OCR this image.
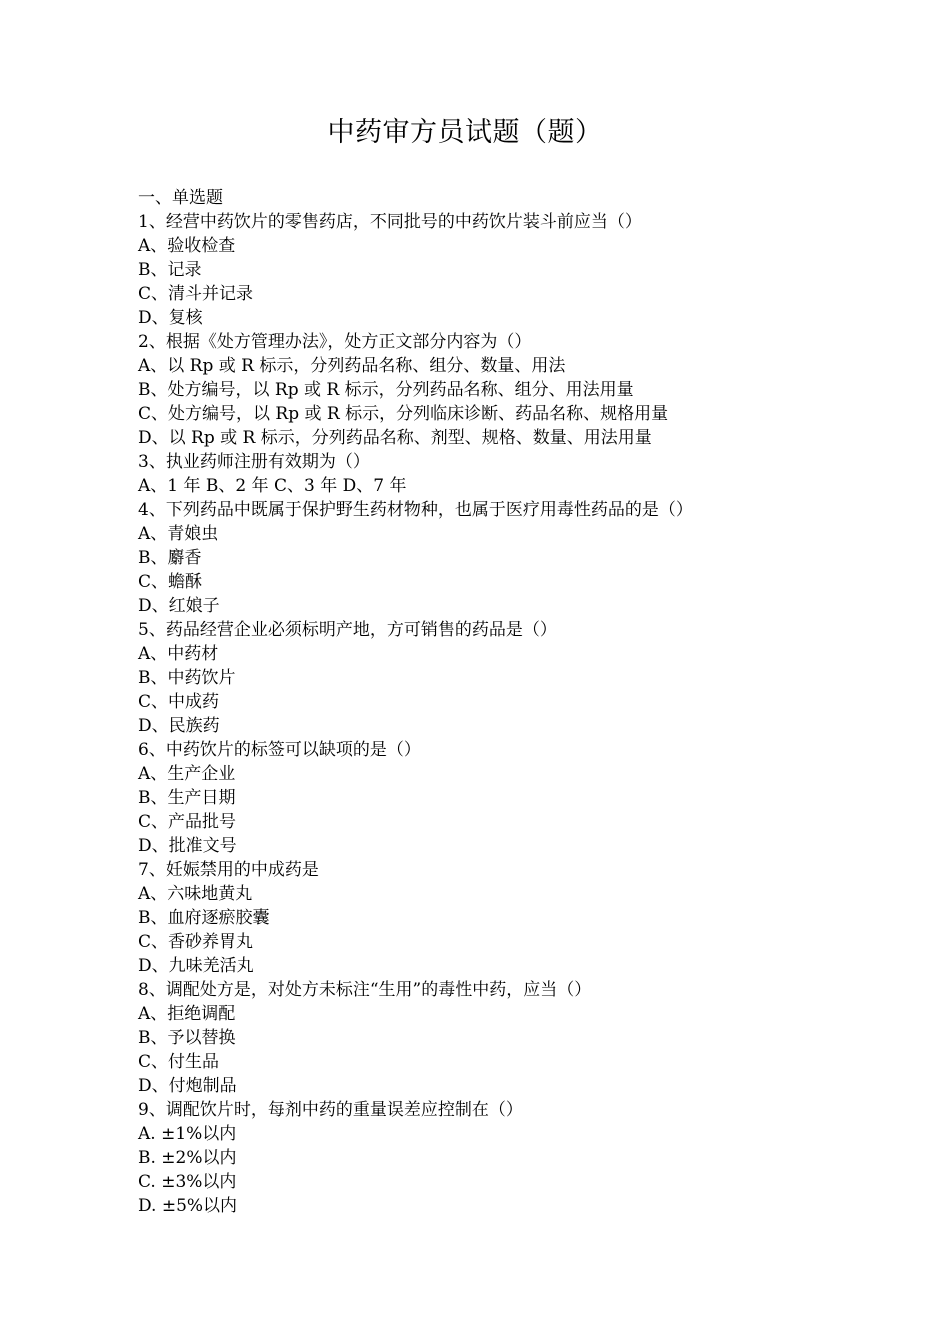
中药审方员试题（题）
一、单选题
1、经营中药饮片的零售药店，不同批号的中药饮片装斗前应当（）
A、验收检查
B、记录
C、清斗并记录
D、复核
2、根据《处方管理办法》，处方正文部分内容为（）
A、以 Rp 或 R 标示，分列药品名称、组分、数量、用法
B、处方编号，以 Rp 或 R 标示，分列药品名称、组分、用法用量
C、处方编号，以 Rp 或 R 标示，分列临床诊断、药品名称、规格用量
D、以 Rp 或 R 标示，分列药品名称、剂型、规格、数量、用法用量
3、执业药师注册有效期为（）
A、1 年 B、2 年 C、3 年 D、7 年
4、下列药品中既属于保护野生药材物种，也属于医疗用毒性药品的是（）
A、青娘虫
B、麝香
C、蟾酥
D、红娘子
5、药品经营企业必须标明产地，方可销售的药品是（）
A、中药材
B、中药饮片
C、中成药
D、民族药
6、中药饮片的标签可以缺项的是（）
A、生产企业
B、生产日期
C、产品批号
D、批准文号
7、妊娠禁用的中成药是
A、六味地黄丸
B、血府逐瘀胶囊
C、香砂养胃丸
D、九味羌活丸
8、调配处方是，对处方未标注“生用”的毒性中药，应当（）
A、拒绝调配
B、予以替换
C、付生品
D、付炮制品
9、调配饮片时，每剂中药的重量误差应控制在（）
A. ±1%以内
B. ±2%以内
C. ±3%以内
D. ±5%以内
